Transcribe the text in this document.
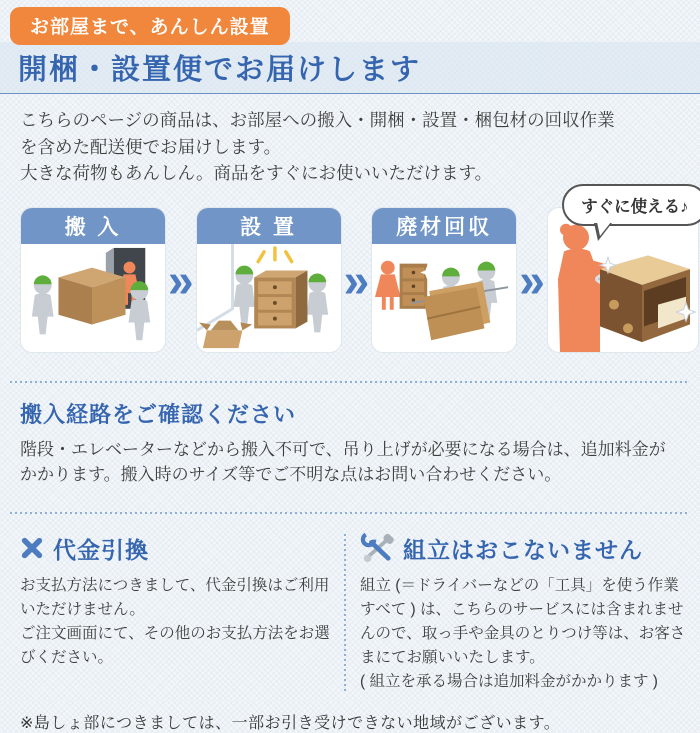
お部屋まで、あんしん設置
開梱・設置便でお届けします

こちらのページの商品は、お部屋への搬入・開梱・設置・梱包材の回収作業を含めた配送便でお届けします。

大きな荷物もあんしん。商品をすぐにお使いいただけます。

搬 入
»
設 置
»
廃材回収
»
すぐに使える♪
搬入経路をご確認ください

階段・エレベーターなどから搬入不可で、吊り上げが必要になる場合は、追加料金がかかります。搬入時のサイズ等でご不明な点はお問い合わせください。

代金引換

お支払方法につきまして、代金引換はご利用いただけません。

ご注文画面にて、その他のお支払方法をお選びください。

組立はおこないません

組立 (＝ドライバーなどの「工具」を使う作業すべて ) は、こちらのサービスには含まれませんので、取っ手や金具のとりつけ等は、お客さまにてお願いいたします。

( 組立を承る場合は追加料金がかかります )

※島しょ部につきましては、一部お引き受けできない地域がございます。
